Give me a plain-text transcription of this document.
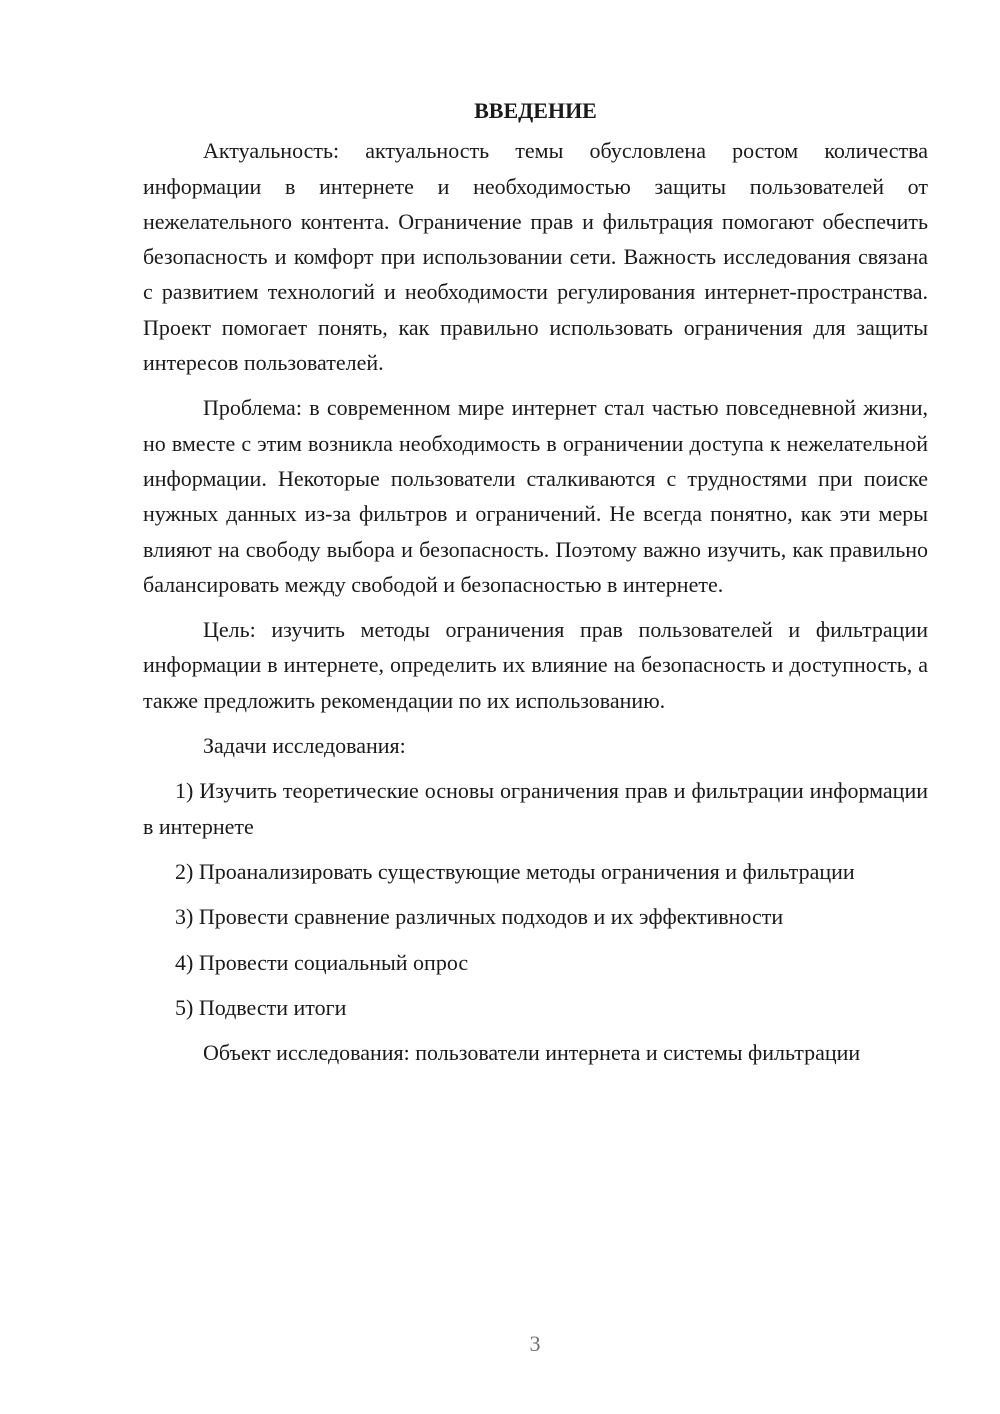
ВВЕДЕНИЕ

Актуальность: актуальность темы обусловлена ростом количества информации в интернете и необходимостью защиты пользователей от нежелательного контента. Ограничение прав и фильтрация помогают обеспечить безопасность и комфорт при использовании сети. Важность исследования связана с развитием технологий и необходимости регулирования интернет-пространства. Проект помогает понять, как правильно использовать ограничения для защиты интересов пользователей.

Проблема: в современном мире интернет стал частью повседневной жизни, но вместе с этим возникла необходимость в ограничении доступа к нежелательной информации. Некоторые пользователи сталкиваются с трудностями при поиске нужных данных из-за фильтров и ограничений. Не всегда понятно, как эти меры влияют на свободу выбора и безопасность. Поэтому важно изучить, как правильно балансировать между свободой и безопасностью в интернете.

Цель: изучить методы ограничения прав пользователей и фильтрации информации в интернете, определить их влияние на безопасность и доступность, а также предложить рекомендации по их использованию.

Задачи исследования:

1) Изучить теоретические основы ограничения прав и фильтрации информации в интернете

2) Проанализировать существующие методы ограничения и фильтрации

3) Провести сравнение различных подходов и их эффективности

4) Провести социальный опрос

5) Подвести итоги

Объект исследования: пользователи интернета и системы фильтрации

3
